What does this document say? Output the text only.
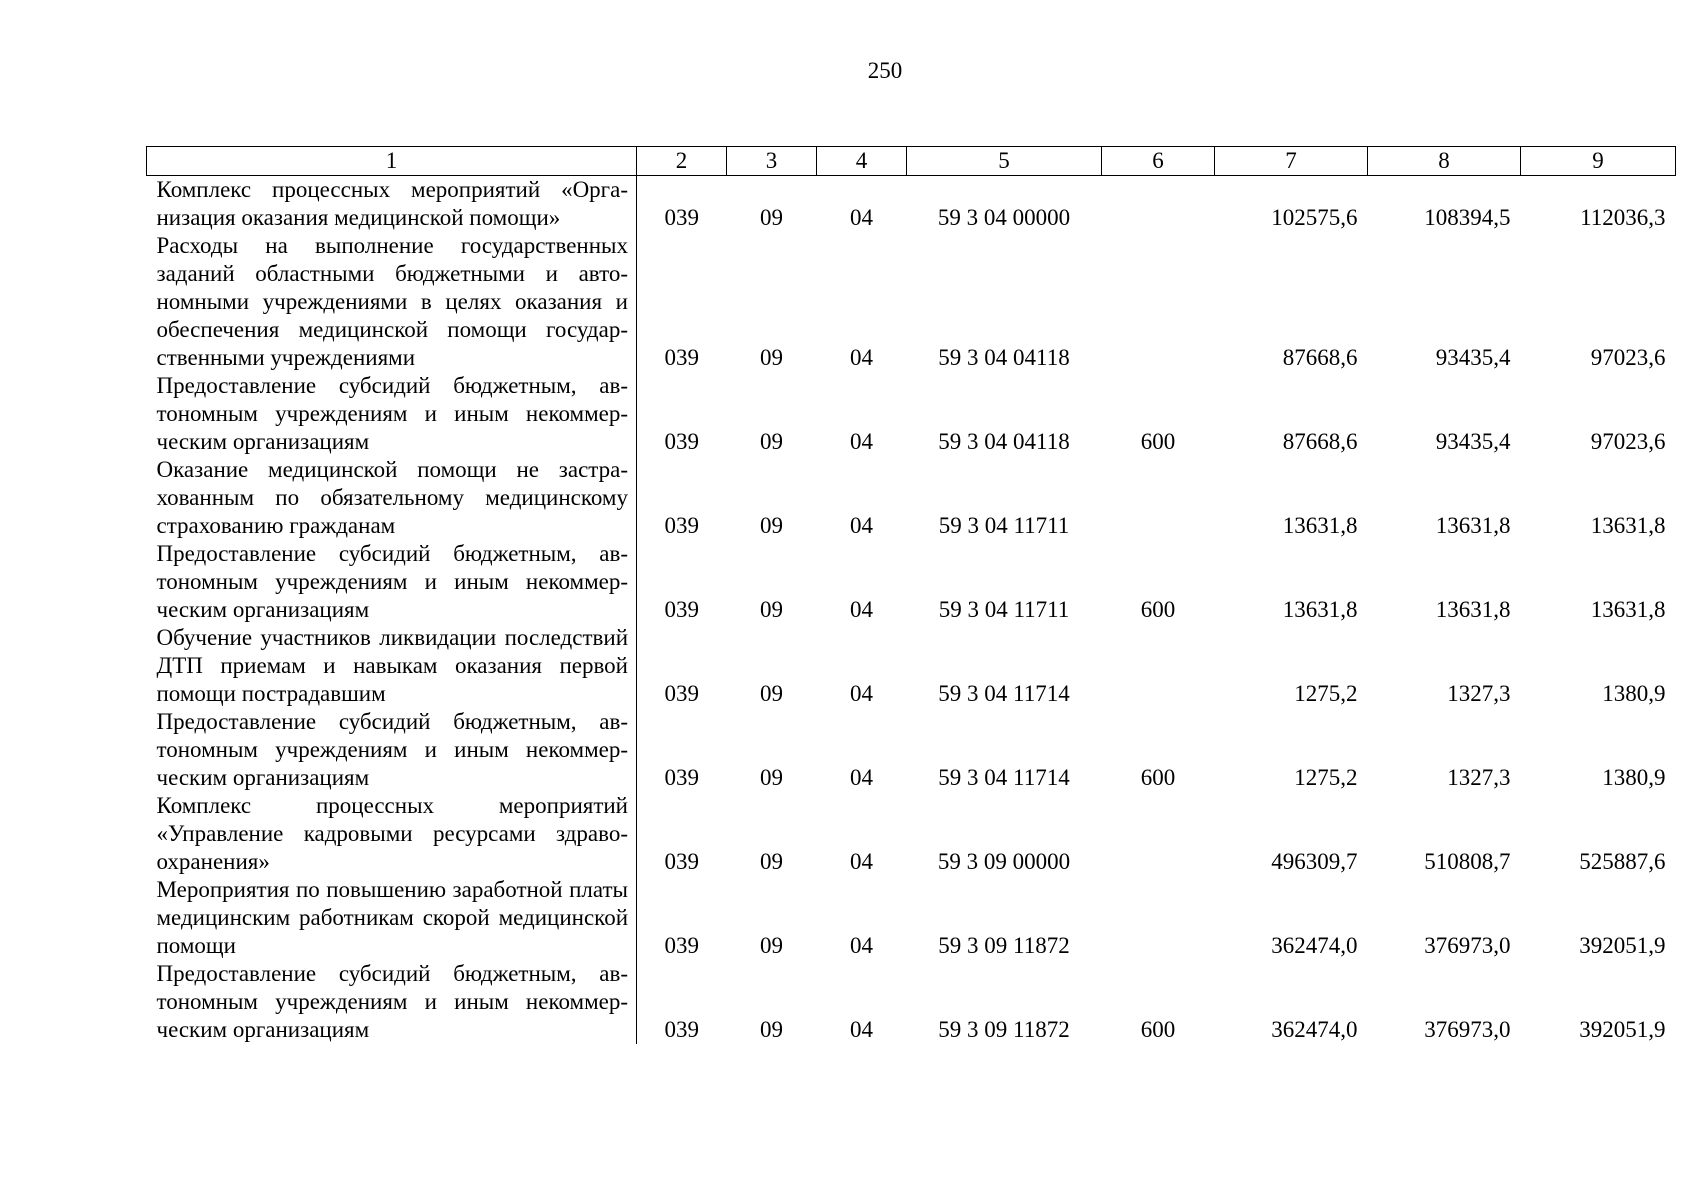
250
1	2	3	4	5	6	7	8	9
Комплекс процессных мероприятий «Организация оказания медицинской помощи»	039	09	04	59 3 04 00000		102575,6	108394,5	112036,3
Расходы на выполнение государственных заданий областными бюджетными и автономными учреждениями в целях оказания и обеспечения медицинской помощи государственными учреждениями	039	09	04	59 3 04 04118		87668,6	93435,4	97023,6
Предоставление субсидий бюджетным, автономным учреждениям и иным некоммерческим организациям	039	09	04	59 3 04 04118	600	87668,6	93435,4	97023,6
Оказание медицинской помощи не застрахованным по обязательному медицинскому страхованию гражданам	039	09	04	59 3 04 11711		13631,8	13631,8	13631,8
Предоставление субсидий бюджетным, автономным учреждениям и иным некоммерческим организациям	039	09	04	59 3 04 11711	600	13631,8	13631,8	13631,8
Обучение участников ликвидации последствий ДТП приемам и навыкам оказания первой помощи пострадавшим	039	09	04	59 3 04 11714		1275,2	1327,3	1380,9
Предоставление субсидий бюджетным, автономным учреждениям и иным некоммерческим организациям	039	09	04	59 3 04 11714	600	1275,2	1327,3	1380,9
Комплекс процессных мероприятий «Управление кадровыми ресурсами здравоохранения»	039	09	04	59 3 09 00000		496309,7	510808,7	525887,6
Мероприятия по повышению заработной платы медицинским работникам скорой медицинской помощи	039	09	04	59 3 09 11872		362474,0	376973,0	392051,9
Предоставление субсидий бюджетным, автономным учреждениям и иным некоммерческим организациям	039	09	04	59 3 09 11872	600	362474,0	376973,0	392051,9
